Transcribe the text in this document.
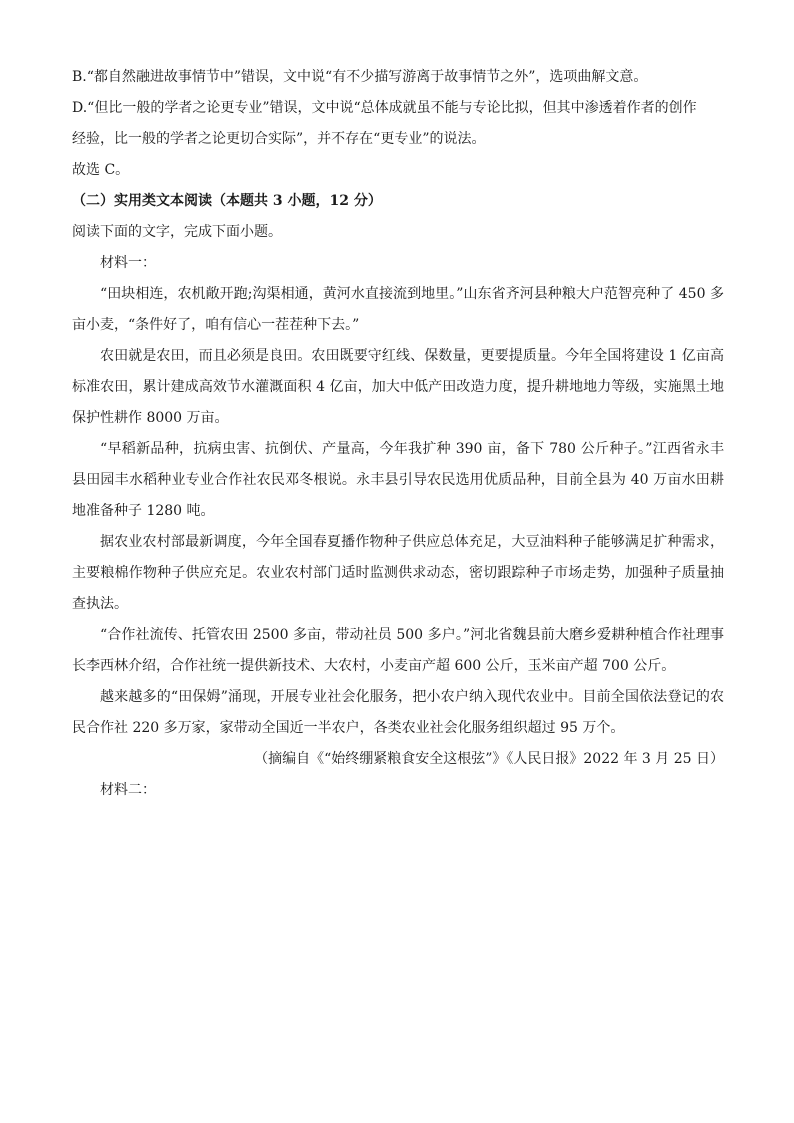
B.“都自然融进故事情节中”错误，文中说“有不少描写游离于故事情节之外”，选项曲解文意。

D.“但比一般的学者之论更专业”错误，文中说“总体成就虽不能与专论比拟，但其中渗透着作者的创作

经验，比一般的学者之论更切合实际”，并不存在“更专业”的说法。

故选 C。

（二）实用类文本阅读（本题共 3 小题，12 分）

阅读下面的文字，完成下面小题。

材料一：

“田块相连，农机敞开跑;沟渠相通，黄河水直接流到地里。”山东省齐河县种粮大户范智亮种了 450 多亩小麦，“条件好了，咱有信心一茬茬种下去。”

农田就是农田，而且必须是良田。农田既要守红线、保数量，更要提质量。今年全国将建设 1 亿亩高标准农田，累计建成高效节水灌溉面积 4 亿亩，加大中低产田改造力度，提升耕地地力等级，实施黑土地保护性耕作 8000 万亩。

“早稻新品种，抗病虫害、抗倒伏、产量高，今年我扩种 390 亩，备下 780 公斤种子。”江西省永丰县田园丰水稻种业专业合作社农民邓冬根说。永丰县引导农民选用优质品种，目前全县为 40 万亩水田耕地准备种子 1280 吨。

据农业农村部最新调度，今年全国春夏播作物种子供应总体充足，大豆油料种子能够满足扩种需求，主要粮棉作物种子供应充足。农业农村部门适时监测供求动态，密切跟踪种子市场走势，加强种子质量抽查执法。

“合作社流传、托管农田 2500 多亩，带动社员 500 多户。”河北省魏县前大磨乡爱耕种植合作社理事长李西林介绍，合作社统一提供新技术、大农村，小麦亩产超 600 公斤，玉米亩产超 700 公斤。

越来越多的“田保姆”涌现，开展专业社会化服务，把小农户纳入现代农业中。目前全国依法登记的农民合作社 220 多万家，家带动全国近一半农户，各类农业社会化服务组织超过 95 万个。

（摘编自《“始终绷紧粮食安全这根弦”》《人民日报》2022 年 3 月 25 日）

材料二：
